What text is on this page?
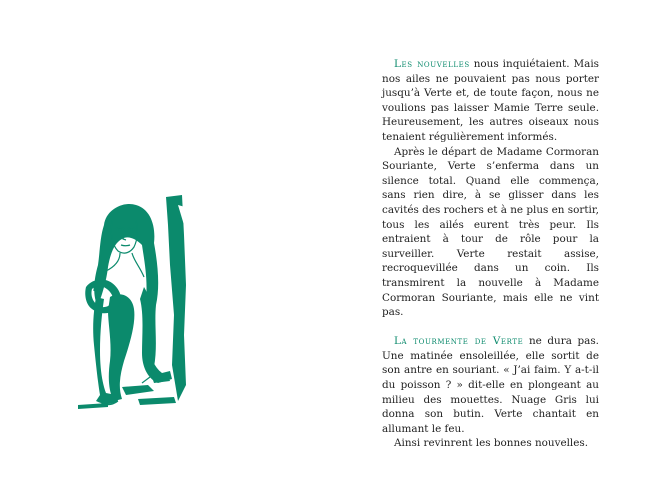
Les nouvelles nous inquiétaient. Mais nos ailes ne pouvaient pas nous porter jusqu’à Verte et, de toute façon, nous ne voulions pas laisser Mamie Terre seule. Heureusement, les autres oiseaux nous tenaient régulièrement informés.

Après le départ de Madame Cormoran Souriante, Verte s’enferma dans un silence total. Quand elle commença, sans rien dire, à se glisser dans les cavités des rochers et à ne plus en sortir, tous les ailés eurent très peur. Ils entraient à tour de rôle pour la surveiller. Verte restait assise, recroquevillée dans un coin. Ils transmirent la nouvelle à Madame Cormoran Souriante, mais elle ne vint pas.

La tourmente de Verte ne dura pas. Une matinée ensoleillée, elle sortit de son antre en souriant. « J’ai faim. Y a-t-il du poisson ? » dit-elle en plongeant au milieu des mouettes. Nuage Gris lui donna son butin. Verte chantait en allumant le feu.

Ainsi revinrent les bonnes nouvelles.
